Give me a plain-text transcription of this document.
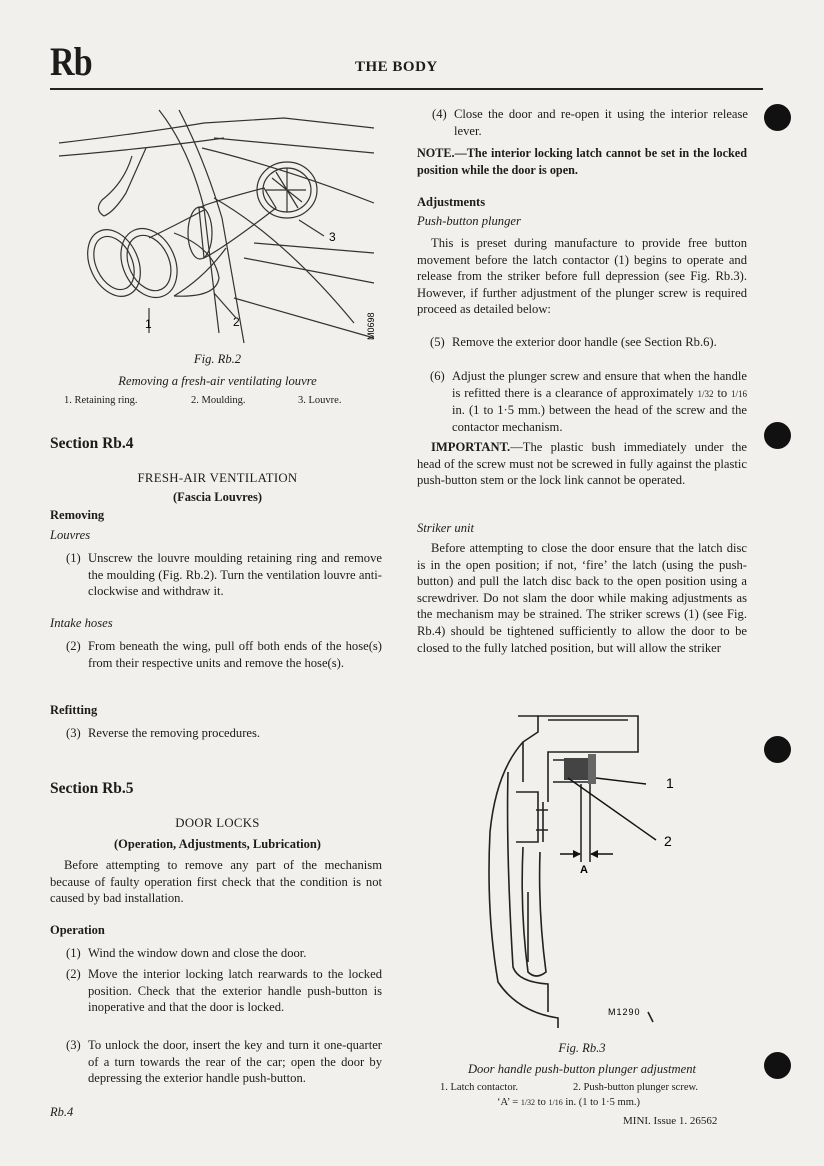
Rb	THE BODY
3
1	2	M0698
Fig. Rb.2
Removing a fresh-air ventilating louvre
1. Retaining ring.	2. Moulding.	3. Louvre.
Section Rb.4
FRESH-AIR VENTILATION
(Fascia Louvres)
Removing
Louvres
(1) Unscrew the louvre moulding retaining ring and remove the moulding (Fig. Rb.2). Turn the ventilation louvre anti-clockwise and withdraw it.
Intake hoses
(2) From beneath the wing, pull off both ends of the hose(s) from their respective units and remove the hose(s).
Refitting
(3) Reverse the removing procedures.
Section Rb.5
DOOR LOCKS
(Operation, Adjustments, Lubrication)

Before attempting to remove any part of the mechanism because of faulty operation first check that the condition is not caused by bad installation.

Operation
(1) Wind the window down and close the door.
(2) Move the interior locking latch rearwards to the locked position. Check that the exterior handle push-button is inoperative and that the door is locked.
(3) To unlock the door, insert the key and turn it one-quarter of a turn towards the rear of the car; open the door by depressing the exterior handle push-button.
(4) Close the door and re-open it using the interior release lever.

NOTE.—The interior locking latch cannot be set in the locked position while the door is open.

Adjustments
Push-button plunger

This is preset during manufacture to provide free button movement before the latch contactor (1) begins to operate and release from the striker before full depression (see Fig. Rb.3). However, if further adjustment of the plunger screw is required proceed as detailed below:

(5) Remove the exterior door handle (see Section Rb.6).
(6) Adjust the plunger screw and ensure that when the handle is refitted there is a clearance of approximately 1/32 to 1/16 in. (1 to 1·5 mm.) between the head of the screw and the contactor mechanism.

IMPORTANT.—The plastic bush immediately under the head of the screw must not be screwed in fully against the plastic push-button stem or the lock link cannot be operated.

Striker unit

Before attempting to close the door ensure that the latch disc is in the open position; if not, ‘fire’ the latch (using the push-button) and pull the latch disc back to the open position using a screwdriver. Do not slam the door while making adjustments as the mechanism may be strained. The striker screws (1) (see Fig. Rb.4) should be tightened sufficiently to allow the door to be closed to the fully latched position, but will allow the striker

1
2
A
M1290
Fig. Rb.3
Door handle push-button plunger adjustment
1. Latch contactor.	2. Push-button plunger screw.
‘A’ = 1/32 to 1/16 in. (1 to 1·5 mm.)
Rb.4
MINI. Issue 1. 26562
